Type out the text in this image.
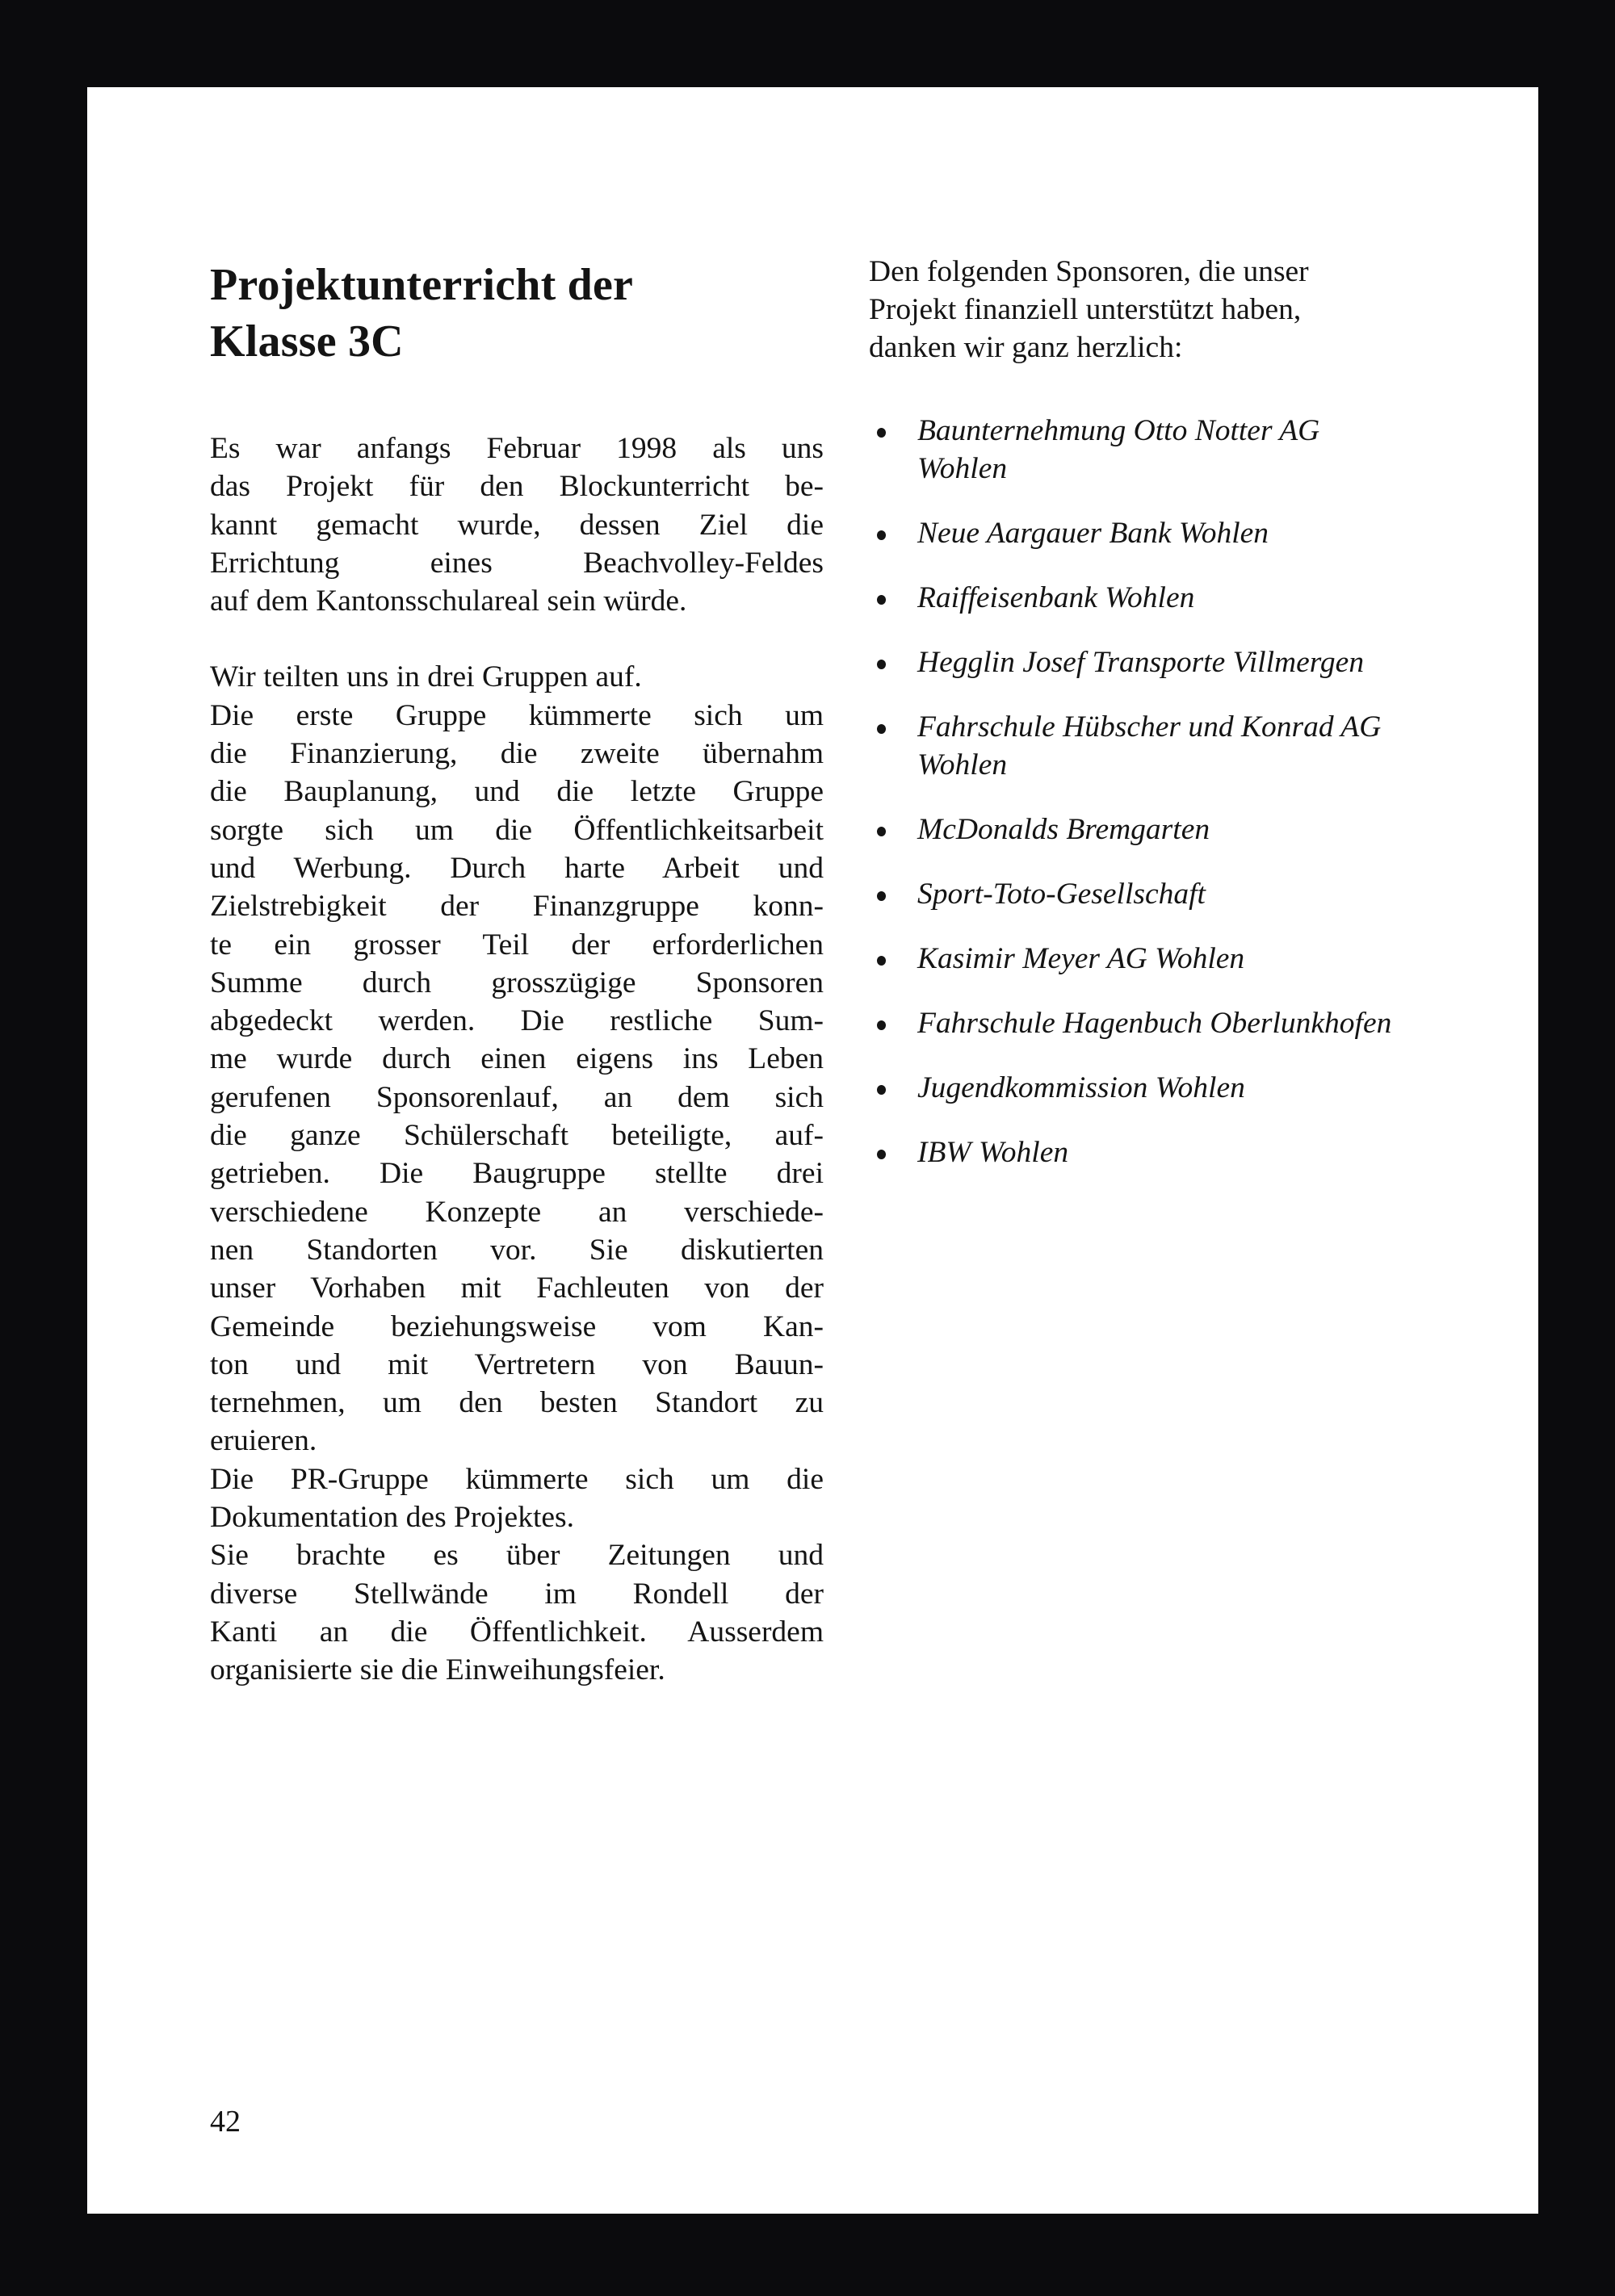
Projektunterricht der
Klasse 3C

Es war anfangs Februar 1998 als uns
das Projekt für den Blockunterricht be-
kannt gemacht wurde, dessen Ziel die
Errichtung eines Beachvolley-Feldes
auf dem Kantonsschulareal sein würde.

Wir teilten uns in drei Gruppen auf.
Die erste Gruppe kümmerte sich um
die Finanzierung, die zweite übernahm
die Bauplanung, und die letzte Gruppe
sorgte sich um die Öffentlichkeitsarbeit
und Werbung. Durch harte Arbeit und
Zielstrebigkeit der Finanzgruppe konn-
te ein grosser Teil der erforderlichen
Summe durch grosszügige Sponsoren
abgedeckt werden. Die restliche Sum-
me wurde durch einen eigens ins Leben
gerufenen Sponsorenlauf, an dem sich
die ganze Schülerschaft beteiligte, auf-
getrieben. Die Baugruppe stellte drei
verschiedene Konzepte an verschiede-
nen Standorten vor. Sie diskutierten
unser Vorhaben mit Fachleuten von der
Gemeinde beziehungsweise vom Kan-
ton und mit Vertretern von Bauun-
ternehmen, um den besten Standort zu
eruieren.
Die PR-Gruppe kümmerte sich um die
Dokumentation des Projektes.
Sie brachte es über Zeitungen und
diverse Stellwände im Rondell der
Kanti an die Öffentlichkeit. Ausserdem
organisierte sie die Einweihungsfeier.

Den folgenden Sponsoren, die unser
Projekt finanziell unterstützt haben,
danken wir ganz herzlich:

Baunternehmung Otto Notter AG
Wohlen
Neue Aargauer Bank Wohlen
Raiffeisenbank Wohlen
Hegglin Josef Transporte Villmergen
Fahrschule Hübscher und Konrad AG
Wohlen
McDonalds Bremgarten
Sport-Toto-Gesellschaft
Kasimir Meyer AG Wohlen
Fahrschule Hagenbuch Oberlunkhofen
Jugendkommission Wohlen
IBW Wohlen
42
